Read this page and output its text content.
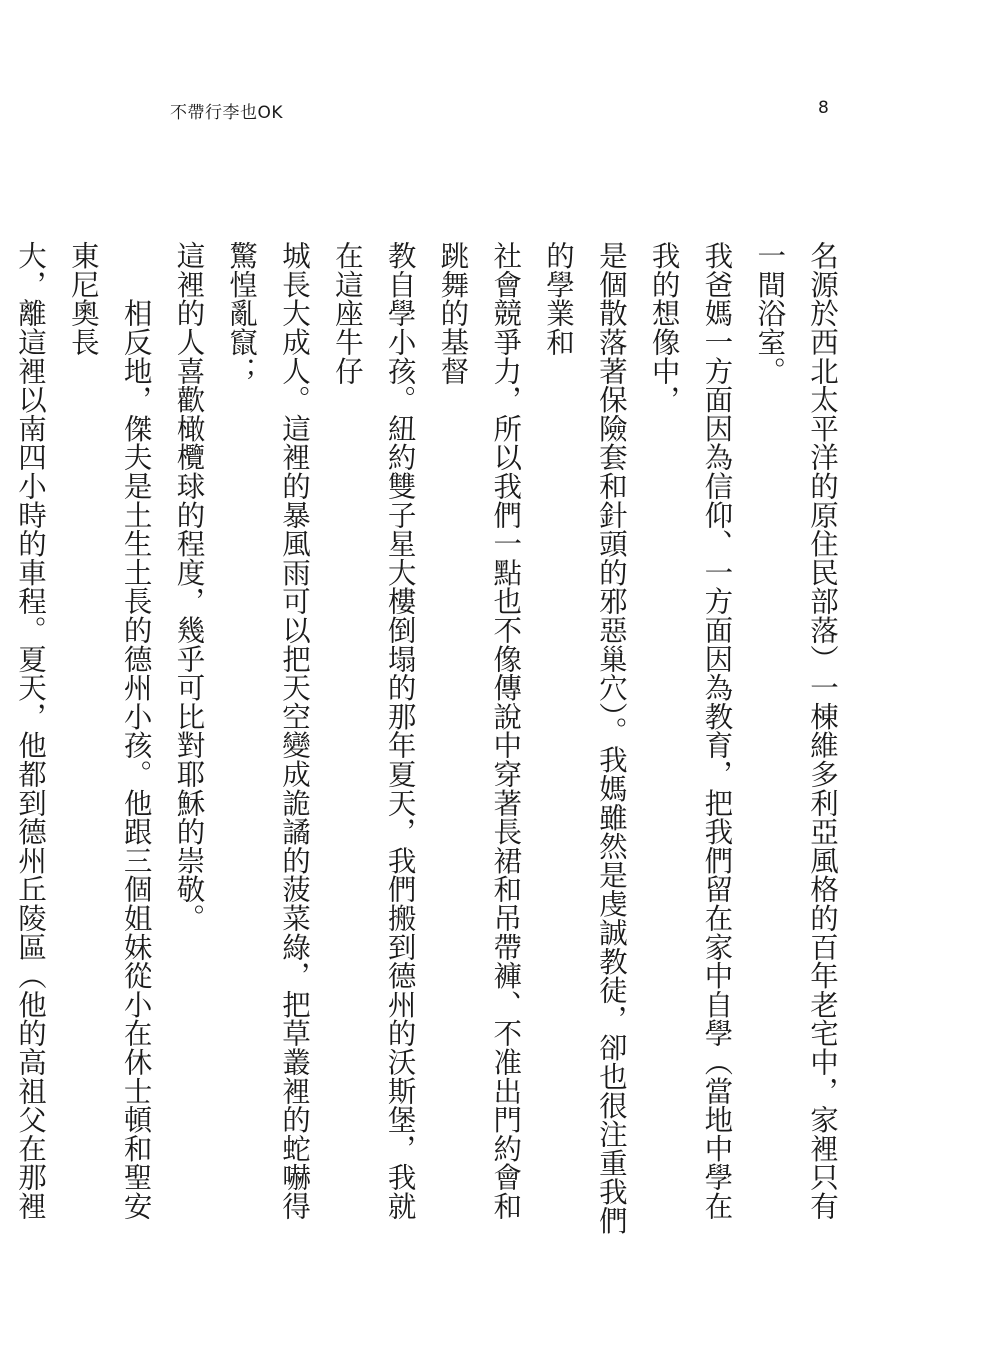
不帶行李也OK	8
名源於西北太平洋的原住民部落）一棟維多利亞風格的百年老宅中，家裡只有一間浴室。
我爸媽一方面因為信仰、一方面因為教育，把我們留在家中自學（當地中學在我的想像中，
是個散落著保險套和針頭的邪惡巢穴）。我媽雖然是虔誠教徒，卻也很注重我們的學業和
社會競爭力，所以我們一點也不像傳說中穿著長裙和吊帶褲、不准出門約會和跳舞的基督
教自學小孩。紐約雙子星大樓倒塌的那年夏天，我們搬到德州的沃斯堡，我就在這座牛仔
城長大成人。這裡的暴風雨可以把天空變成詭譎的菠菜綠，把草叢裡的蛇嚇得驚惶亂竄；
這裡的人喜歡橄欖球的程度，幾乎可比對耶穌的崇敬。
　　相反地，傑夫是土生土長的德州小孩。他跟三個姐妹從小在休士頓和聖安東尼奧長
大，離這裡以南四小時的車程。夏天，他都到德州丘陵區（他的高祖父在那裡
